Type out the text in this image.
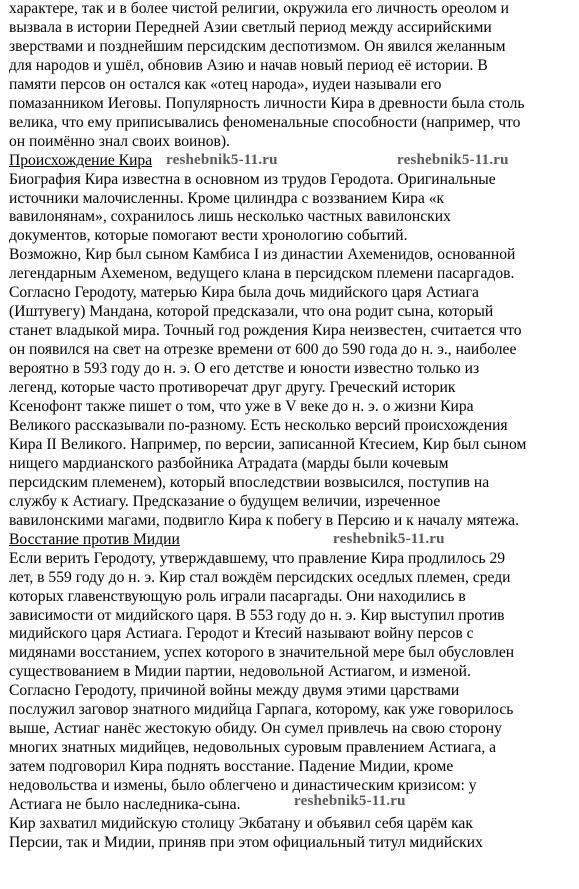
характере, так и в более чистой религии, окружила его личность ореолом и
вызвала в истории Передней Азии светлый период между ассирийскими
зверствами и позднейшим персидским деспотизмом. Он явился желанным
для народов и ушёл, обновив Азию и начав новый период её истории. В
памяти персов он остался как «отец народа», иудеи называли его
помазанником Иеговы. Популярность личности Кира в древности была столь
велика, что ему приписывались феноменальные способности (например, что
он поимённо знал своих воинов).
Происхождение Кира
Биография Кира известна в основном из трудов Геродота. Оригинальные
источники малочисленны. Кроме цилиндра с воззванием Кира «к
вавилонянам», сохранилось лишь несколько частных вавилонских
документов, которые помогают вести хронологию событий.
Возможно, Кир был сыном Камбиса I из династии Ахеменидов, основанной
легендарным Ахеменом, ведущего клана в персидском племени пасаргадов.
Согласно Геродоту, матерью Кира была дочь мидийского царя Астиага
(Иштувегу) Мандана, которой предсказали, что она родит сына, который
станет владыкой мира. Точный год рождения Кира неизвестен, считается что
он появился на свет на отрезке времени от 600 до 590 года до н. э., наиболее
вероятно в 593 году до н. э. О его детстве и юности известно только из
легенд, которые часто противоречат друг другу. Греческий историк
Ксенофонт также пишет о том, что уже в V веке до н. э. о жизни Кира
Великого рассказывали по-разному. Есть несколько версий происхождения
Кира II Великого. Например, по версии, записанной Ктесием, Кир был сыном
нищего мардианского разбойника Атрадата (марды были кочевым
персидским племенем), который впоследствии возвысился, поступив на
службу к Астиагу. Предсказание о будущем величии, изреченное
вавилонскими магами, подвигло Кира к побегу в Персию и к началу мятежа.
Восстание против Мидии
Если верить Геродоту, утверждавшему, что правление Кира продлилось 29
лет, в 559 году до н. э. Кир стал вождём персидских оседлых племен, среди
которых главенствующую роль играли пасаргады. Они находились в
зависимости от мидийского царя. В 553 году до н. э. Кир выступил против
мидийского царя Астиага. Геродот и Ктесий называют войну персов с
мидянами восстанием, успех которого в значительной мере был обусловлен
существованием в Мидии партии, недовольной Астиагом, и изменой.
Согласно Геродоту, причиной войны между двумя этими царствами
послужил заговор знатного мидийца Гарпага, которому, как уже говорилось
выше, Астиаг нанёс жестокую обиду. Он сумел привлечь на свою сторону
многих знатных мидийцев, недовольных суровым правлением Астиага, а
затем подговорил Кира поднять восстание. Падение Мидии, кроме
недовольства и измены, было облегчено и династическим кризисом: у
Астиага не было наследника-сына.
Кир захватил мидийскую столицу Экбатану и объявил себя царём как
Персии, так и Мидии, приняв при этом официальный титул мидийских
reshebnik5-11.ru	reshebnik5-11.ru
reshebnik5-11.ru
reshebnik5-11.ru
